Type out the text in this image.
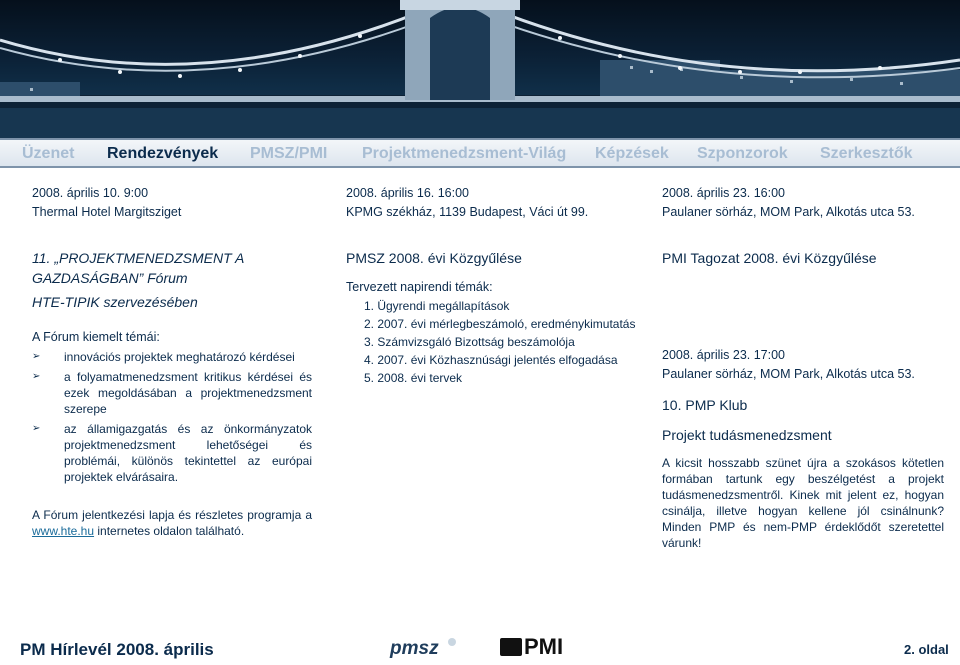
Üzenet Rendezvények PMSZ/PMI Projektmenedzsment-Világ Képzések Szponzorok Szerkesztők
2008. április 10. 9:00
Thermal Hotel Margitsziget
11. „PROJEKTMENEDZSMENT A
GAZDASÁGBAN” Fórum
HTE-TIPIK szervezésében
A Fórum kiemelt témái:

➢ innovációs projektek meghatározó kérdései

➢ a folyamatmenedzsment kritikus kérdései és ezek megoldásában a projektmenedzsment szerepe

➢ az államigazgatás és az önkormányzatok projektmenedzsment lehetőségei és problémái, különös tekintettel az európai projektek elvárásaira.

A Fórum jelentkezési lapja és részletes programja a www.hte.hu internetes oldalon található.

2008. április 16. 16:00
KPMG székház, 1139 Budapest, Váci út 99.
PMSZ 2008. évi Közgyűlése
Tervezett napirendi témák:
1. Ügyrendi megállapítások
2. 2007. évi mérlegbeszámoló, eredménykimutatás
3. Számvizsgáló Bizottság beszámolója
4. 2007. évi Közhasznúsági jelentés elfogadása
5. 2008. évi tervek
2008. április 23. 16:00
Paulaner sörház, MOM Park, Alkotás utca 53.
PMI Tagozat 2008. évi Közgyűlése
2008. április 23. 17:00
Paulaner sörház, MOM Park, Alkotás utca 53.
10. PMP Klub
Projekt tudásmenedzsment

A kicsit hosszabb szünet újra a szokásos kötetlen formában tartunk egy beszélgetést a projekt tudásmenedzsmentről. Kinek mit jelent ez, hogyan csinálja, illetve hogyan kellene jól csinálnunk? Minden PMP és nem-PMP érdeklődőt szeretettel várunk!

PM Hírlevél 2008. április	pmsz	PMI	2. oldal
